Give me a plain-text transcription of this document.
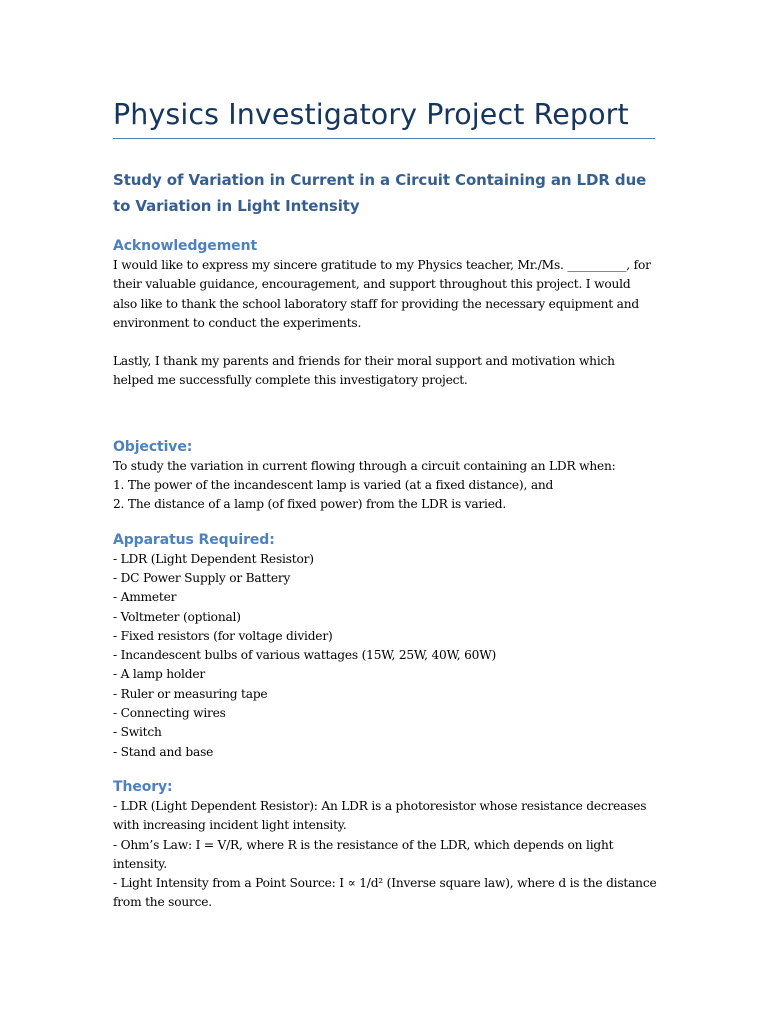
Physics Investigatory Project Report
Study of Variation in Current in a Circuit Containing an LDR due to Variation in Light Intensity
Acknowledgement

I would like to express my sincere gratitude to my Physics teacher, Mr./Ms. __________, for their valuable guidance, encouragement, and support throughout this project. I would also like to thank the school laboratory staff for providing the necessary equipment and environment to conduct the experiments.

Lastly, I thank my parents and friends for their moral support and motivation which helped me successfully complete this investigatory project.

Objective:

To study the variation in current flowing through a circuit containing an LDR when:

1. The power of the incandescent lamp is varied (at a fixed distance), and

2. The distance of a lamp (of fixed power) from the LDR is varied.

Apparatus Required:

- LDR (Light Dependent Resistor)

- DC Power Supply or Battery

- Ammeter

- Voltmeter (optional)

- Fixed resistors (for voltage divider)

- Incandescent bulbs of various wattages (15W, 25W, 40W, 60W)

- A lamp holder

- Ruler or measuring tape

- Connecting wires

- Switch

- Stand and base

Theory:

- LDR (Light Dependent Resistor): An LDR is a photoresistor whose resistance decreases with increasing incident light intensity.

- Ohm’s Law: I = V/R, where R is the resistance of the LDR, which depends on light intensity.

- Light Intensity from a Point Source: I ∝ 1/d² (Inverse square law), where d is the distance from the source.
